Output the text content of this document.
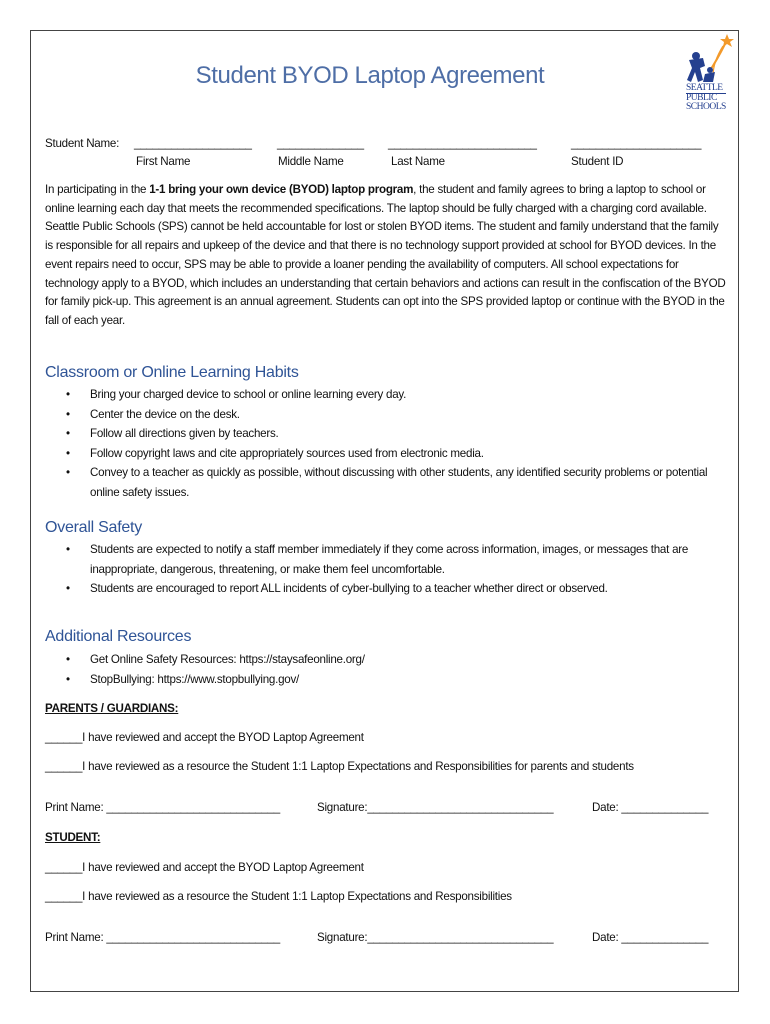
Student BYOD Laptop Agreement	SEATTLE
PUBLIC
SCHOOLS
Student Name: ___________________ ______________ ________________________	_____________________
First Name	Middle Name	Last Name	Student ID
In participating in the 1-1 bring your own device (BYOD) laptop program, the student and family agrees to bring a laptop to school or online learning each day that meets the recommended specifications. The laptop should be fully charged with a charging cord available. Seattle Public Schools (SPS) cannot be held accountable for lost or stolen BYOD items. The student and family understand that the family is responsible for all repairs and upkeep of the device and that there is no technology support provided at school for BYOD devices. In the event repairs need to occur, SPS may be able to provide a loaner pending the availability of computers. All school expectations for technology apply to a BYOD, which includes an understanding that certain behaviors and actions can result in the confiscation of the BYOD for family pick-up. This agreement is an annual agreement. Students can opt into the SPS provided laptop or continue with the BYOD in the fall of each year.
Classroom or Online Learning Habits
• Bring your charged device to school or online learning every day.
• Center the device on the desk.
• Follow all directions given by teachers.
• Follow copyright laws and cite appropriately sources used from electronic media.
• Convey to a teacher as quickly as possible, without discussing with other students, any identified security problems or potential online safety issues.
Overall Safety
• Students are expected to notify a staff member immediately if they come across information, images, or messages that are inappropriate, dangerous, threatening, or make them feel uncomfortable.
• Students are encouraged to report ALL incidents of cyber-bullying to a teacher whether direct or observed.
Additional Resources
• Get Online Safety Resources: https://staysafeonline.org/
• StopBullying: https://www.stopbullying.gov/
PARENTS / GUARDIANS:
______I have reviewed and accept the BYOD Laptop Agreement
______I have reviewed as a resource the Student 1:1 Laptop Expectations and Responsibilities for parents and students
Print Name: ____________________________	Signature:______________________________	Date: ______________
STUDENT:
______I have reviewed and accept the BYOD Laptop Agreement
______I have reviewed as a resource the Student 1:1 Laptop Expectations and Responsibilities
Print Name: ____________________________	Signature:______________________________	Date: ______________
